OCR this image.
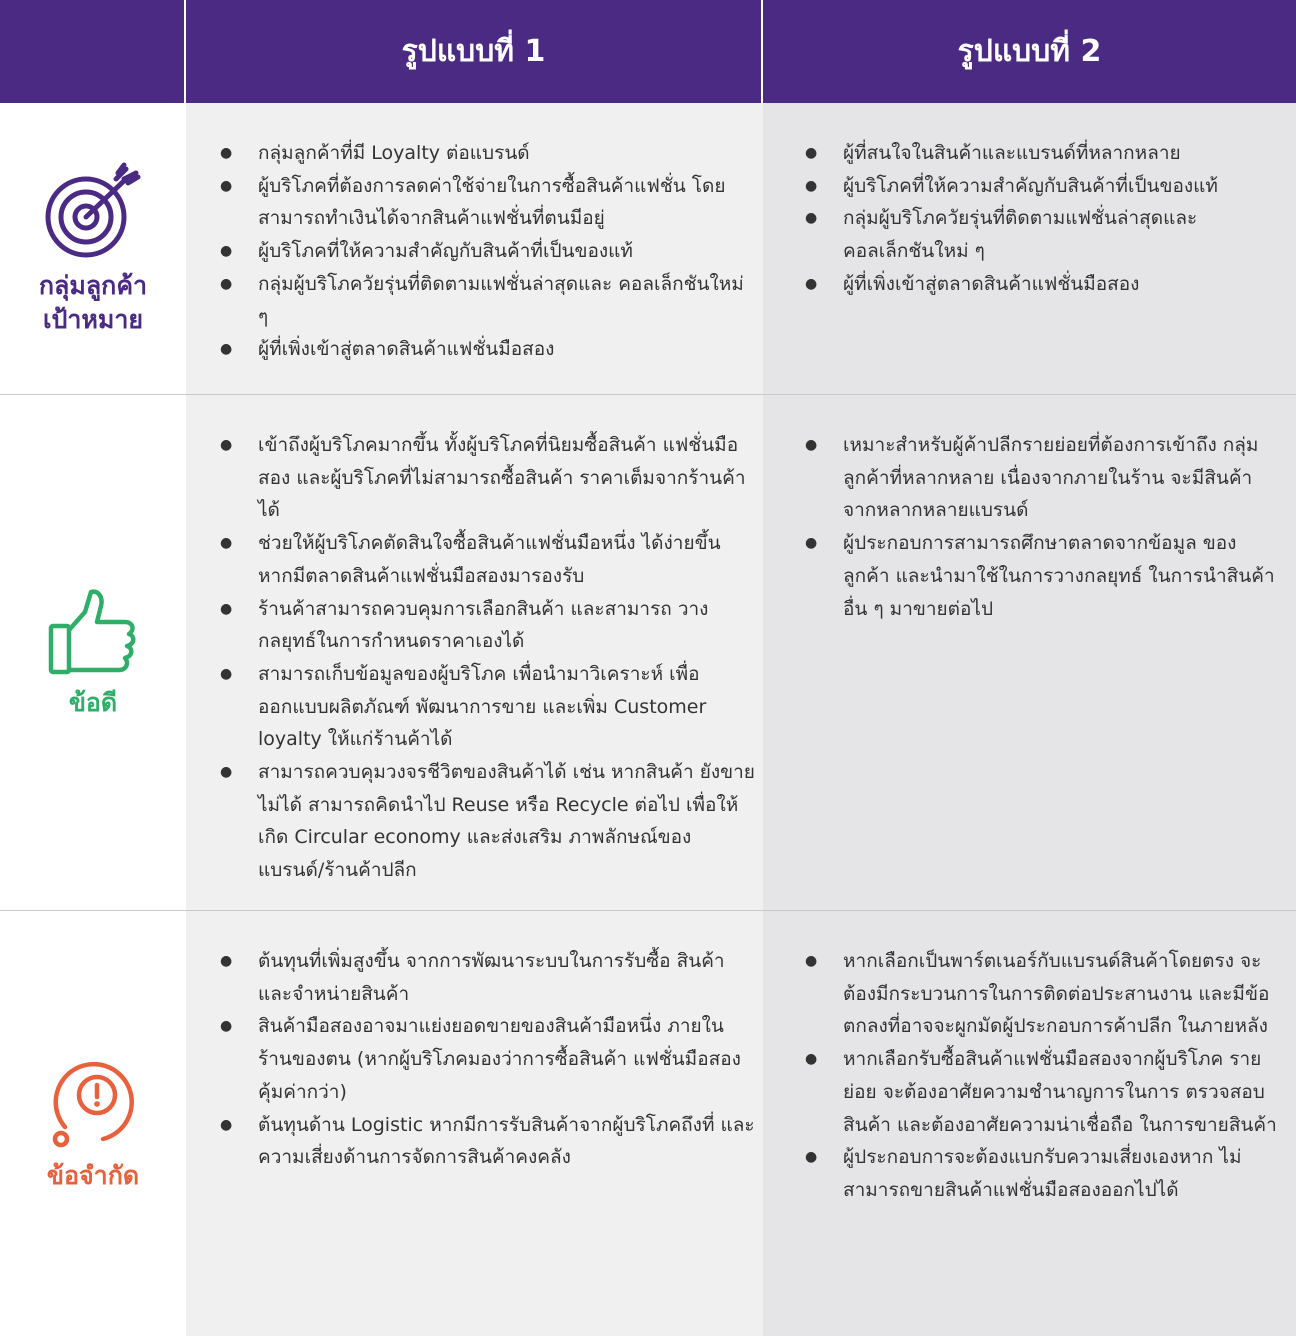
รูปแบบที่ 1	รูปแบบที่ 2
กลุ่มลูกค้า
เป้าหมาย
● กลุ่มลูกค้าที่มี Loyalty ต่อแบรนด์
● ผู้บริโภคที่ต้องการลดค่าใช้จ่ายในการซื้อสินค้าแฟชั่น โดยสามารถทำเงินได้จากสินค้าแฟชั่นที่ตนมีอยู่
● ผู้บริโภคที่ให้ความสำคัญกับสินค้าที่เป็นของแท้
● กลุ่มผู้บริโภควัยรุ่นที่ติดตามแฟชั่นล่าสุดและ คอลเล็กชันใหม่ ๆ
● ผู้ที่เพิ่งเข้าสู่ตลาดสินค้าแฟชั่นมือสอง
● ผู้ที่สนใจในสินค้าและแบรนด์ที่หลากหลาย
● ผู้บริโภคที่ให้ความสำคัญกับสินค้าที่เป็นของแท้
● กลุ่มผู้บริโภควัยรุ่นที่ติดตามแฟชั่นล่าสุดและ คอลเล็กชันใหม่ ๆ
● ผู้ที่เพิ่งเข้าสู่ตลาดสินค้าแฟชั่นมือสอง
ข้อดี
● เข้าถึงผู้บริโภคมากขึ้น ทั้งผู้บริโภคที่นิยมซื้อสินค้า แฟชั่นมือสอง และผู้บริโภคที่ไม่สามารถซื้อสินค้า ราคาเต็มจากร้านค้าได้
● ช่วยให้ผู้บริโภคตัดสินใจซื้อสินค้าแฟชั่นมือหนึ่ง ได้ง่ายขึ้นหากมีตลาดสินค้าแฟชั่นมือสองมารองรับ
● ร้านค้าสามารถควบคุมการเลือกสินค้า และสามารถ วางกลยุทธ์ในการกำหนดราคาเองได้
● สามารถเก็บข้อมูลของผู้บริโภค เพื่อนำมาวิเคราะห์ เพื่อออกแบบผลิตภัณฑ์ พัฒนาการขาย และเพิ่ม Customer loyalty ให้แก่ร้านค้าได้
● สามารถควบคุมวงจรชีวิตของสินค้าได้ เช่น หากสินค้า ยังขายไม่ได้ สามารถคิดนำไป Reuse หรือ Recycle ต่อไป เพื่อให้เกิด Circular economy และส่งเสริม ภาพลักษณ์ของแบรนด์/ร้านค้าปลีก
● เหมาะสำหรับผู้ค้าปลีกรายย่อยที่ต้องการเข้าถึง กลุ่มลูกค้าที่หลากหลาย เนื่องจากภายในร้าน จะมีสินค้าจากหลากหลายแบรนด์
● ผู้ประกอบการสามารถศึกษาตลาดจากข้อมูล ของลูกค้า และนำมาใช้ในการวางกลยุทธ์ ในการนำสินค้าอื่น ๆ มาขายต่อไป
ข้อจำกัด
● ต้นทุนที่เพิ่มสูงขึ้น จากการพัฒนาระบบในการรับซื้อ สินค้า และจำหน่ายสินค้า
● สินค้ามือสองอาจมาแย่งยอดขายของสินค้ามือหนึ่ง ภายในร้านของตน (หากผู้บริโภคมองว่าการซื้อสินค้า แฟชั่นมือสองคุ้มค่ากว่า)
● ต้นทุนด้าน Logistic หากมีการรับสินค้าจากผู้บริโภคถึงที่ และความเสี่ยงด้านการจัดการสินค้าคงคลัง
● หากเลือกเป็นพาร์ตเนอร์กับแบรนด์สินค้าโดยตรง จะต้องมีกระบวนการในการติดต่อประสานงาน และมีข้อตกลงที่อาจจะผูกมัดผู้ประกอบการค้าปลีก ในภายหลัง
● หากเลือกรับซื้อสินค้าแฟชั่นมือสองจากผู้บริโภค รายย่อย จะต้องอาศัยความชำนาญการในการ ตรวจสอบสินค้า และต้องอาศัยความน่าเชื่อถือ ในการขายสินค้า
● ผู้ประกอบการจะต้องแบกรับความเสี่ยงเองหาก ไม่สามารถขายสินค้าแฟชั่นมือสองออกไปได้
